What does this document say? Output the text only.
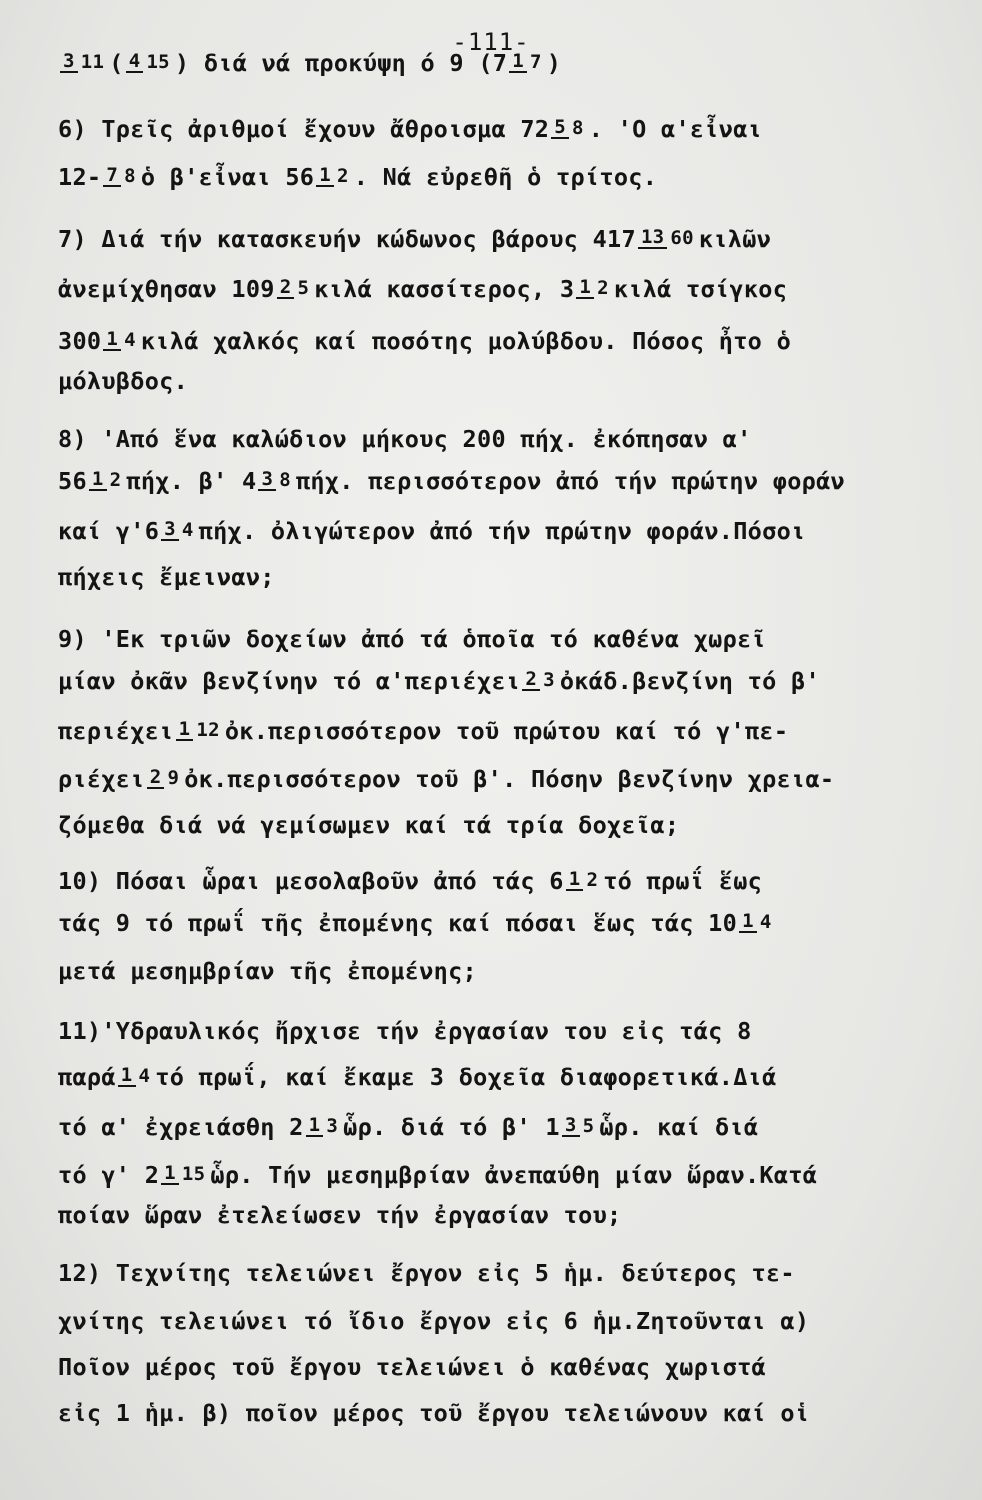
-111-
3 11( 4 15 ) διά νά προκύψη ό 9 (7 1 7 )
6) Τρεῖς ἀριθμοί ἔχουν ἄθροισμα 72 5 8 . 'Ο α'εἶναι
12- 7 8 ὁ β'εἶναι 56 1 2 . Νά εὐρεθῆ ὁ τρίτος.
7) Διά τήν κατασκευήν κώδωνος βάρους 417 13 60 κιλῶν
ἀνεμίχθησαν 109 2 5 κιλά κασσίτερος, 3 1 2 κιλά τσίγκος
300 1 4 κιλά χαλκός καί ποσότης μολύβδου. Πόσος ἦτο ὁ
μόλυβδος.
8) 'Από ἕνα καλώδιον μήκους 200 πήχ. ἐκόπησαν α'
56 1 2 πήχ. β' 4 3 8 πήχ. περισσότερον ἀπό τήν πρώτην φοράν
καί γ'6 3 4 πήχ. ὀλιγώτερον ἀπό τήν πρώτην φοράν.Πόσοι
πήχεις ἔμειναν;
9) 'Εκ τριῶν δοχείων ἀπό τά ὁποῖα τό καθένα χωρεῖ
μίαν ὀκᾶν βενζίνην τό α'περιέχει2 3 ὀκάδ.βενζίνη τό β'
περιέχει1 12ὀκ.περισσότερον τοῦ πρώτου καί τό γ'πε-
ριέχει2 9 ὀκ.περισσότερον τοῦ β'. Πόσην βενζίνην χρεια-
ζόμεθα διά νά γεμίσωμεν καί τά τρία δοχεῖα;
10) Πόσαι ὧραι μεσολαβοῦν ἀπό τάς 6 1 2 τό πρωΐ ἕως
τάς 9 τό πρωΐ τῆς ἐπομένης καί πόσαι ἕως τάς 10 1 4
μετά μεσημβρίαν τῆς ἐπομένης;
11)'Υδραυλικός ἤρχισε τήν ἐργασίαν του εἰς τάς 8
παρά1 4 τό πρωΐ, καί ἔκαμε 3 δοχεῖα διαφορετικά.Διά
τό α' ἐχρειάσθη 2 1 3ὧρ. διά τό β' 1 3 5 ὧρ. καί διά
τό γ' 2 1 15ὧρ. Τήν μεσημβρίαν ἀνεπαύθη μίαν ὥραν.Κατά
ποίαν ὥραν ἐτελείωσεν τήν ἐργασίαν του;
12) Τεχνίτης τελειώνει ἔργον εἰς 5 ἡμ. δεύτερος τε-
χνίτης τελειώνει τό ἴδιο ἔργον εἰς 6 ἡμ.Ζητοῦνται α)
Ποῖον μέρος τοῦ ἔργου τελειώνει ὁ καθένας χωριστά
εἰς 1 ἡμ. β) ποῖον μέρος τοῦ ἔργου τελειώνουν καί οἱ
